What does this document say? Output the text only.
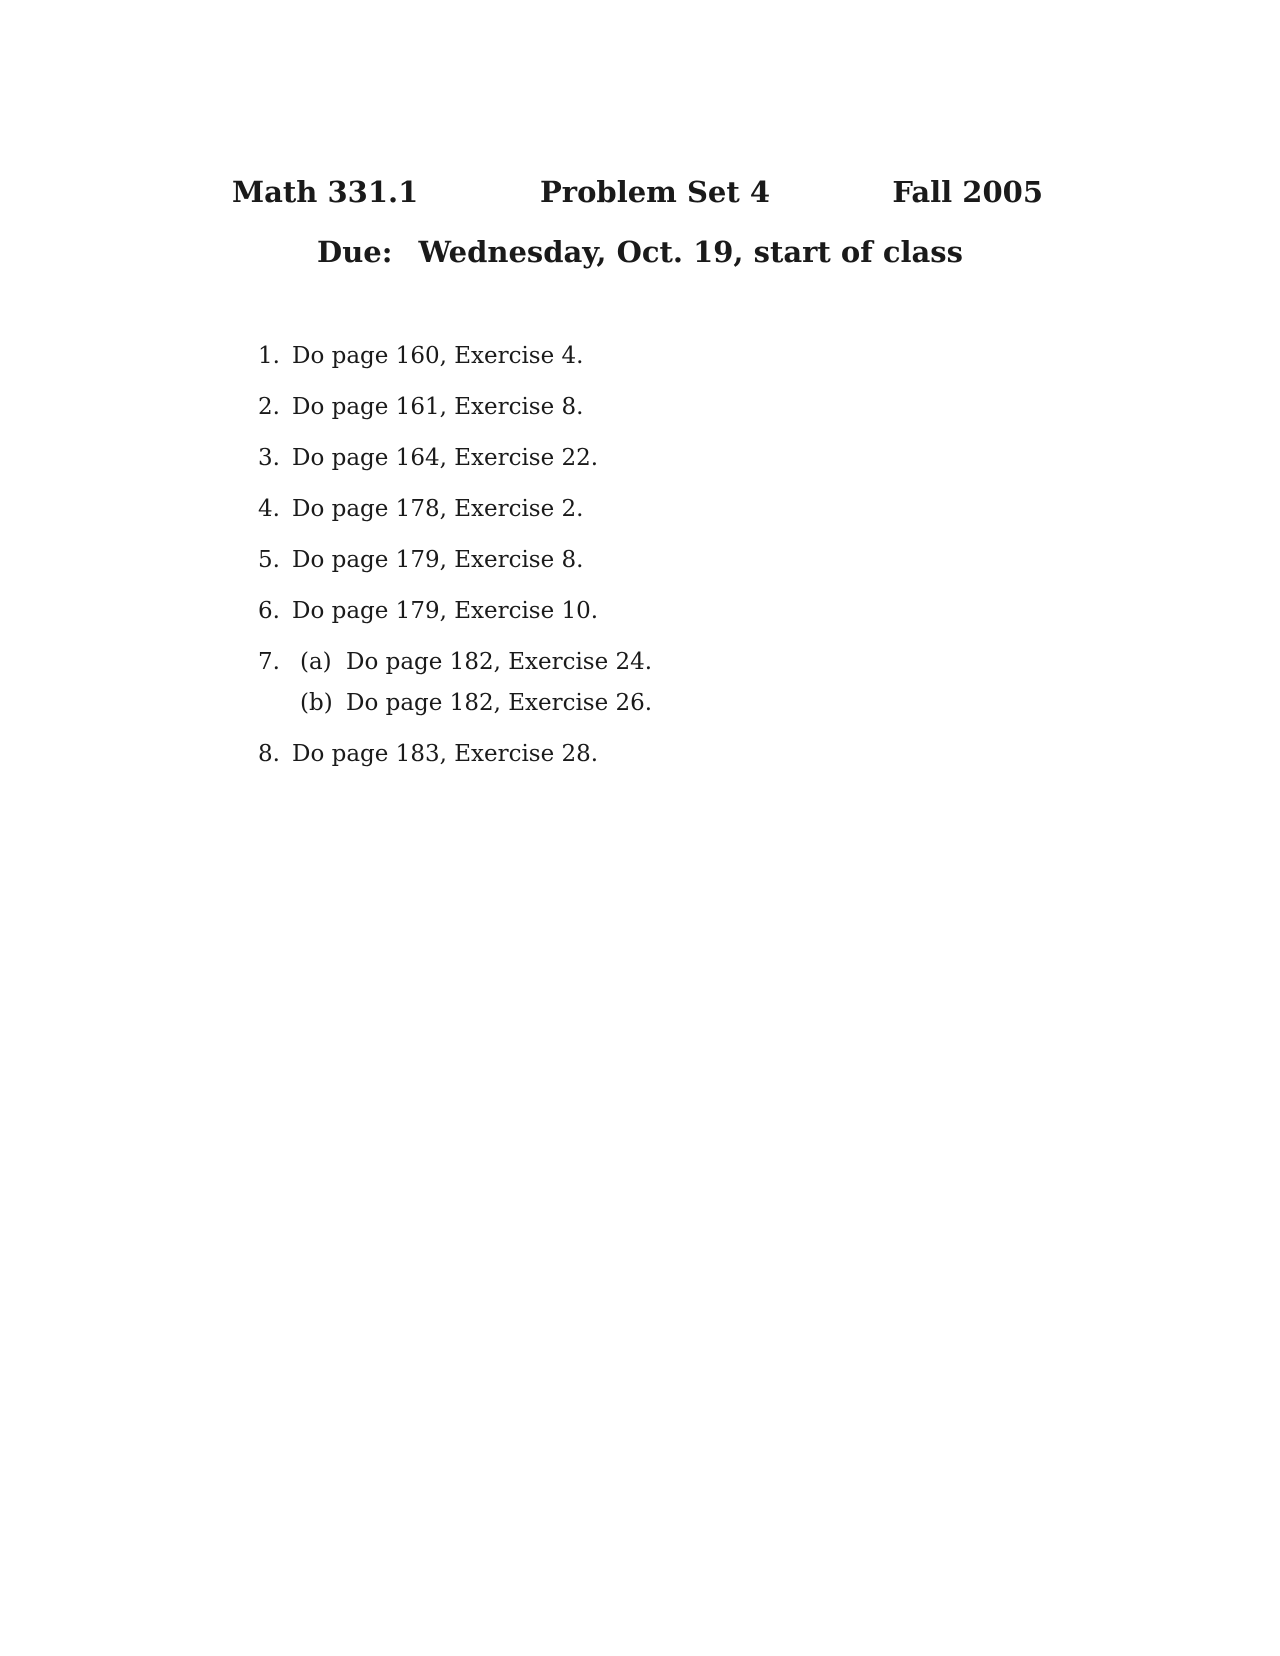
Math 331.1	Problem Set 4	Fall 2005
Due: Wednesday, Oct. 19, start of class
1. Do page 160, Exercise 4.
2. Do page 161, Exercise 8.
3. Do page 164, Exercise 22.
4. Do page 178, Exercise 2.
5. Do page 179, Exercise 8.
6. Do page 179, Exercise 10.
7. (a) Do page 182, Exercise 24.
(b) Do page 182, Exercise 26.
8. Do page 183, Exercise 28.
